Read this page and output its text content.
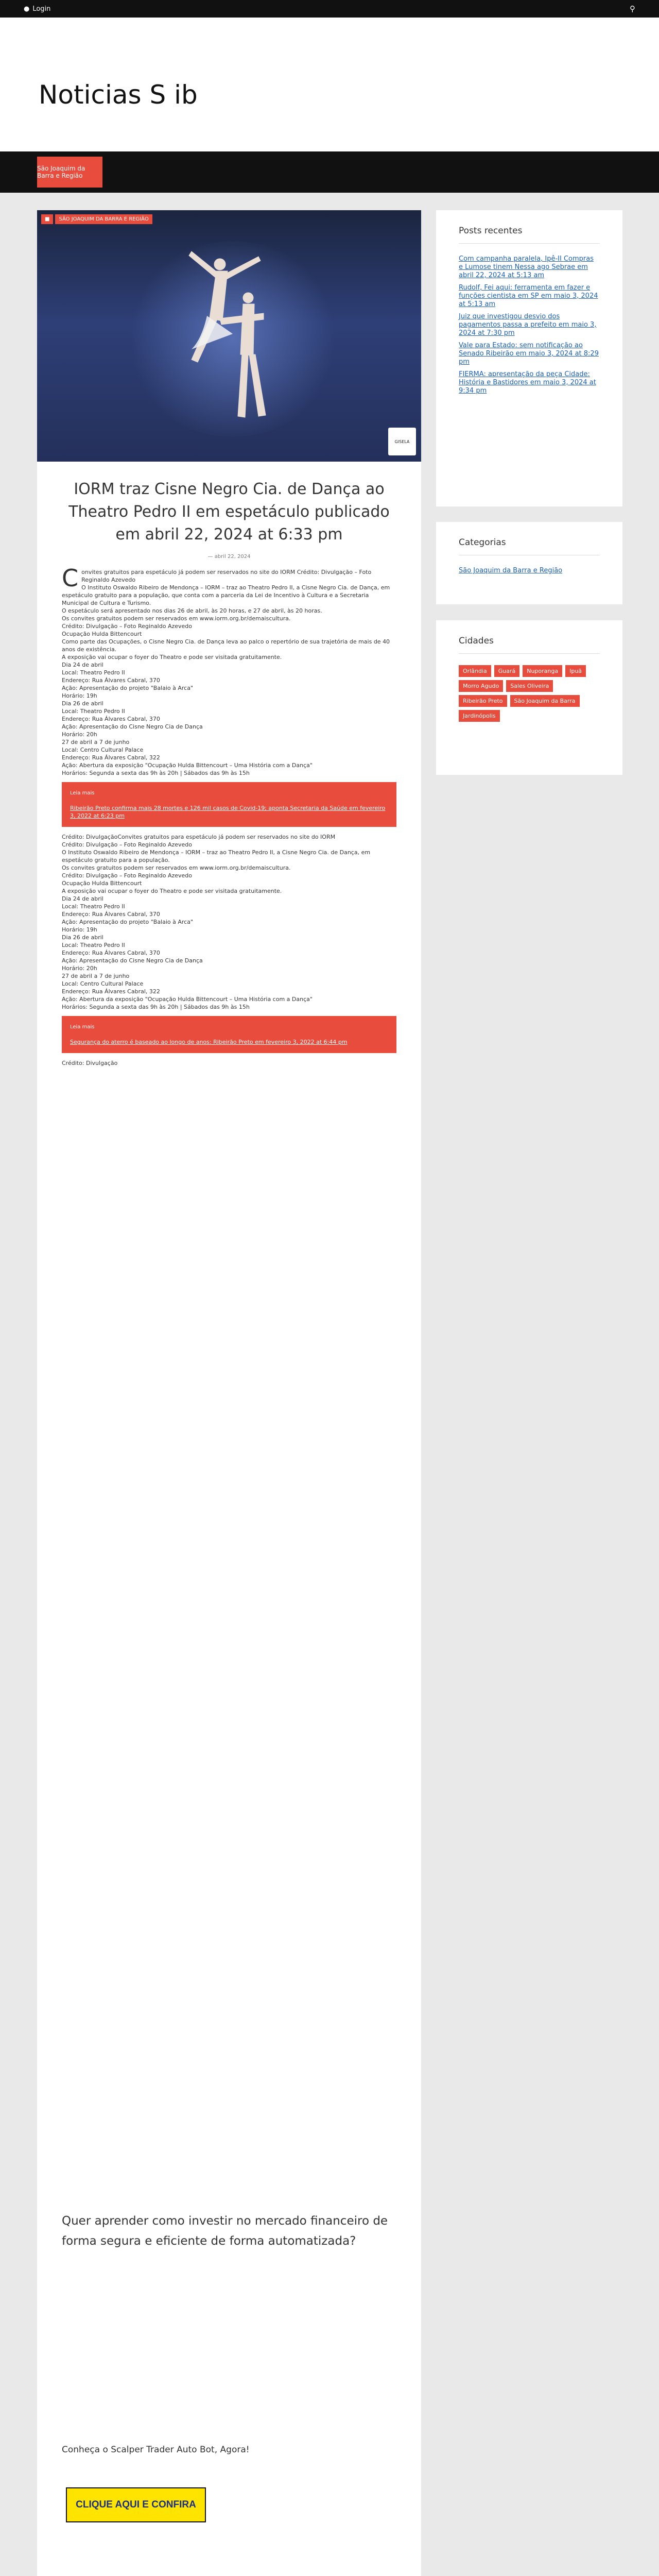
● Login	⚲
Noticias S ib
São Joaquim da Barra e Região
■	SÃO JOAQUIM DA BARRA E REGIÃO
GISELA
IORM traz Cisne Negro Cia. de Dança ao Theatro Pedro II em espetáculo publicado em abril 22, 2024 at 6:33 pm
— abril 22, 2024
C onvites gratuitos para espetáculo já podem ser reservados no site do IORM Crédito: Divulgação – Foto Reginaldo Azevedo

O Instituto Oswaldo Ribeiro de Mendonça – IORM – traz ao Theatro Pedro II, a Cisne Negro Cia. de Dança, em espetáculo gratuito para a população, que conta com a parceria da Lei de Incentivo à Cultura e a Secretaria Municipal de Cultura e Turismo.

O espetáculo será apresentado nos dias 26 de abril, às 20 horas, e 27 de abril, às 20 horas.

Os convites gratuitos podem ser reservados em www.iorm.org.br/demaiscultura.

Crédito: Divulgação – Foto Reginaldo Azevedo

Ocupação Hulda Bittencourt

Como parte das Ocupações, o Cisne Negro Cia. de Dança leva ao palco o repertório de sua trajetória de mais de 40 anos de existência.

A exposição vai ocupar o foyer do Theatro e pode ser visitada gratuitamente.

Dia 24 de abril

Local: Theatro Pedro II

Endereço: Rua Álvares Cabral, 370

Ação: Apresentação do projeto "Balaio à Arca"

Horário: 19h

Dia 26 de abril

Local: Theatro Pedro II

Endereço: Rua Álvares Cabral, 370

Ação: Apresentação do Cisne Negro Cia de Dança

Horário: 20h

27 de abril a 7 de junho

Local: Centro Cultural Palace

Endereço: Rua Álvares Cabral, 322

Ação: Abertura da exposição "Ocupação Hulda Bittencourt – Uma História com a Dança"

Horários: Segunda a sexta das 9h às 20h | Sábados das 9h às 15h

Leia mais
Ribeirão Preto confirma mais 28 mortes e 126 mil casos de Covid-19; aponta Secretaria da Saúde em fevereiro 3, 2022 at 6:23 pm

Crédito: DivulgaçãoConvites gratuitos para espetáculo já podem ser reservados no site do IORM

Crédito: Divulgação – Foto Reginaldo Azevedo

O Instituto Oswaldo Ribeiro de Mendonça – IORM – traz ao Theatro Pedro II, a Cisne Negro Cia. de Dança, em espetáculo gratuito para a população.

Os convites gratuitos podem ser reservados em www.iorm.org.br/demaiscultura.

Crédito: Divulgação – Foto Reginaldo Azevedo

Ocupação Hulda Bittencourt

A exposição vai ocupar o foyer do Theatro e pode ser visitada gratuitamente.

Dia 24 de abril

Local: Theatro Pedro II

Endereço: Rua Álvares Cabral, 370

Ação: Apresentação do projeto "Balaio à Arca"

Horário: 19h

Dia 26 de abril

Local: Theatro Pedro II

Endereço: Rua Álvares Cabral, 370

Ação: Apresentação do Cisne Negro Cia de Dança

Horário: 20h

27 de abril a 7 de junho

Local: Centro Cultural Palace

Endereço: Rua Álvares Cabral, 322

Ação: Abertura da exposição "Ocupação Hulda Bittencourt – Uma História com a Dança"

Horários: Segunda a sexta das 9h às 20h | Sábados das 9h às 15h

Leia mais
Segurança do aterro é baseado ao longo de anos: Ribeirão Preto em fevereiro 3, 2022 at 6:44 pm

Crédito: Divulgação

Quer aprender como investir no mercado financeiro de forma segura e eficiente de forma automatizada?
Conheça o Scalper Trader Auto Bot, Agora!
CLIQUE AQUI E CONFIRA
Posts recentes
Com campanha paralela, Ipê-II Compras e Lumose tinem Nessa ago Sebrae em abril 22, 2024 at 5:13 am
Rudolf, Fei aqui: ferramenta em fazer e funções cientista em SP em maio 3, 2024 at 5:13 am
Juiz que investigou desvio dos pagamentos passa a prefeito em maio 3, 2024 at 7:30 pm
Vale para Estado: sem notificação ao Senado Ribeirão em maio 3, 2024 at 8:29 pm
FIERMA: apresentação da peça Cidade: História e Bastidores em maio 3, 2024 at 9:34 pm
Categorias
São Joaquim da Barra e Região
Cidades
Orlândia	Guará	Nuporanga	Ipuã
Morro Agudo	Sales Oliveira
Ribeirão Preto	São Joaquim da Barra
Jardinópolis
